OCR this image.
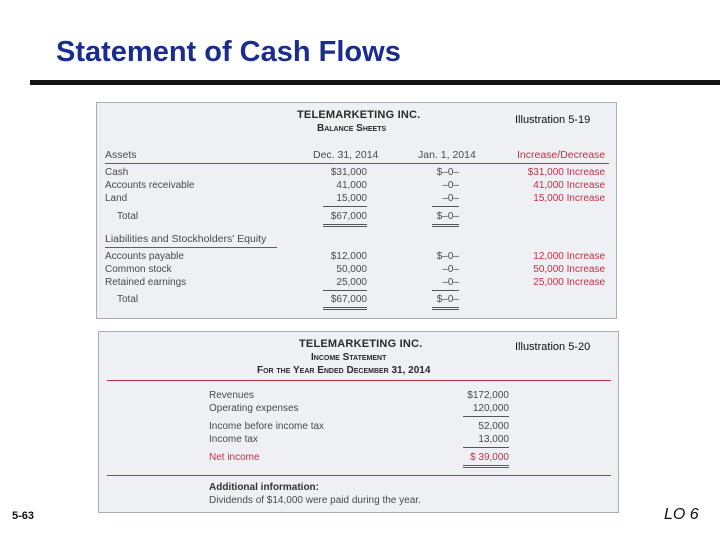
Statement of Cash Flows
TELEMARKETING INC.
Balance Sheets
Illustration 5-19
Assets	Dec. 31, 2014	Jan. 1, 2014	Increase/Decrease
Cash	$31,000	$–0–	$31,000 Increase
Accounts receivable	41,000	–0–	41,000 Increase
Land	15,000	–0–	15,000 Increase
Total	$67,000	$–0–
Liabilities and Stockholders' Equity
Accounts payable	$12,000	$–0–	12,000 Increase
Common stock	50,000	–0–	50,000 Increase
Retained earnings	25,000	–0–	25,000 Increase
Total	$67,000	$–0–
TELEMARKETING INC.
Income Statement
For the Year Ended December 31, 2014
Illustration 5-20
Revenues	$172,000
Operating expenses	120,000
Income before income tax	52,000
Income tax	13,000
Net income	$ 39,000
Additional information:
Dividends of $14,000 were paid during the year.
5-63	LO 6
